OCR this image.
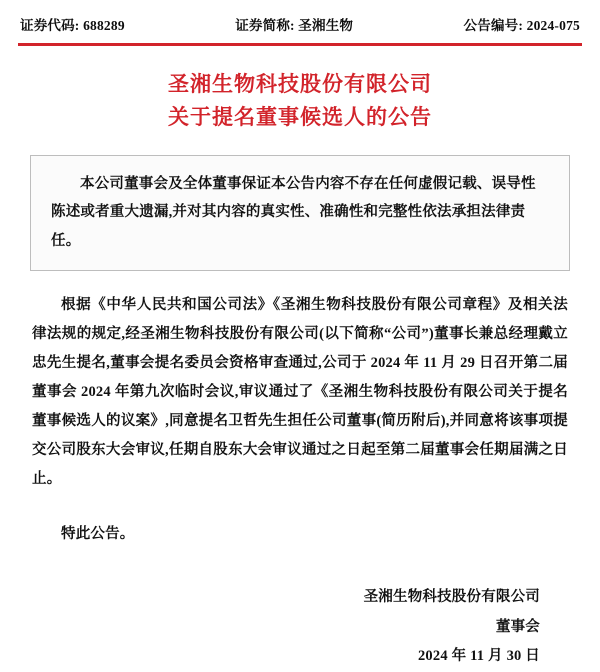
证券代码: 688289	证券简称: 圣湘生物	公告编号: 2024-075
圣湘生物科技股份有限公司
关于提名董事候选人的公告

本公司董事会及全体董事保证本公告内容不存在任何虚假记载、误导性陈述或者重大遗漏,并对其内容的真实性、准确性和完整性依法承担法律责任。

根据《中华人民共和国公司法》《圣湘生物科技股份有限公司章程》及相关法律法规的规定,经圣湘生物科技股份有限公司(以下简称“公司”)董事长兼总经理戴立忠先生提名,董事会提名委员会资格审查通过,公司于 2024 年 11 月 29 日召开第二届董事会 2024 年第九次临时会议,审议通过了《圣湘生物科技股份有限公司关于提名董事候选人的议案》,同意提名卫哲先生担任公司董事(简历附后),并同意将该事项提交公司股东大会审议,任期自股东大会审议通过之日起至第二届董事会任期届满之日止。

特此公告。

圣湘生物科技股份有限公司
董事会
2024 年 11 月 30 日
